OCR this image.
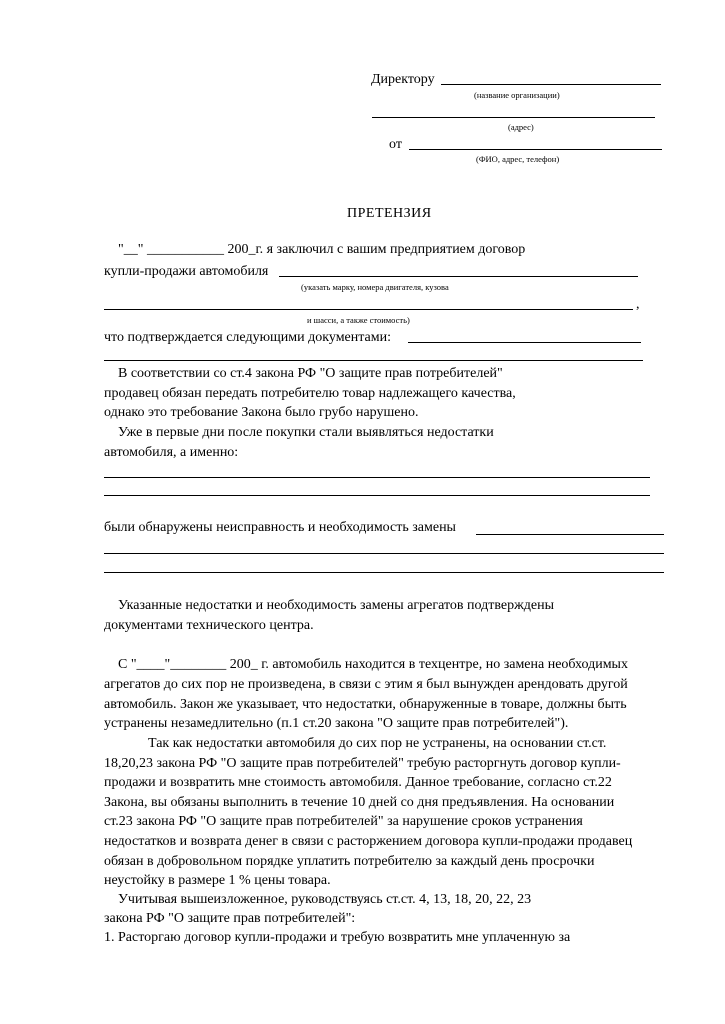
Директору
(название организации)
(адрес)
от
(ФИО, адрес, телефон)
ПРЕТЕНЗИЯ
"__" ___________ 200_г. я заключил с вашим предприятием договор
купли-продажи автомобиля
(указать марку, номера двигателя, кузова
,
и шасси, а также стоимость)
что подтверждается следующими документами:
В соответствии со ст.4 закона РФ "О защите прав потребителей"
продавец обязан передать потребителю товар надлежащего качества,
однако это требование Закона было грубо нарушено.
Уже в первые дни после покупки стали выявляться недостатки
автомобиля, а именно:
были обнаружены неисправность и необходимость замены
Указанные недостатки и необходимость замены агрегатов подтверждены
документами технического центра.
С "____"________ 200_ г. автомобиль находится в техцентре, но замена необходимых
агрегатов до сих пор не произведена, в связи с этим я был вынужден арендовать другой
автомобиль. Закон же указывает, что недостатки, обнаруженные в товаре, должны быть
устранены незамедлительно (п.1 ст.20 закона "О защите прав потребителей").
Так как недостатки автомобиля до сих пор не устранены, на основании ст.ст.
18,20,23 закона РФ "О защите прав потребителей" требую расторгнуть договор купли-
продажи и возвратить мне стоимость автомобиля. Данное требование, согласно ст.22
Закона, вы обязаны выполнить в течение 10 дней со дня предъявления. На основании
ст.23 закона РФ "О защите прав потребителей" за нарушение сроков устранения
недостатков и возврата денег в связи с расторжением договора купли-продажи продавец
обязан в добровольном порядке уплатить потребителю за каждый день просрочки
неустойку в размере 1 % цены товара.
Учитывая вышеизложенное, руководствуясь ст.ст. 4, 13, 18, 20, 22, 23
закона РФ "О защите прав потребителей":
1. Расторгаю договор купли-продажи и требую возвратить мне уплаченную за
